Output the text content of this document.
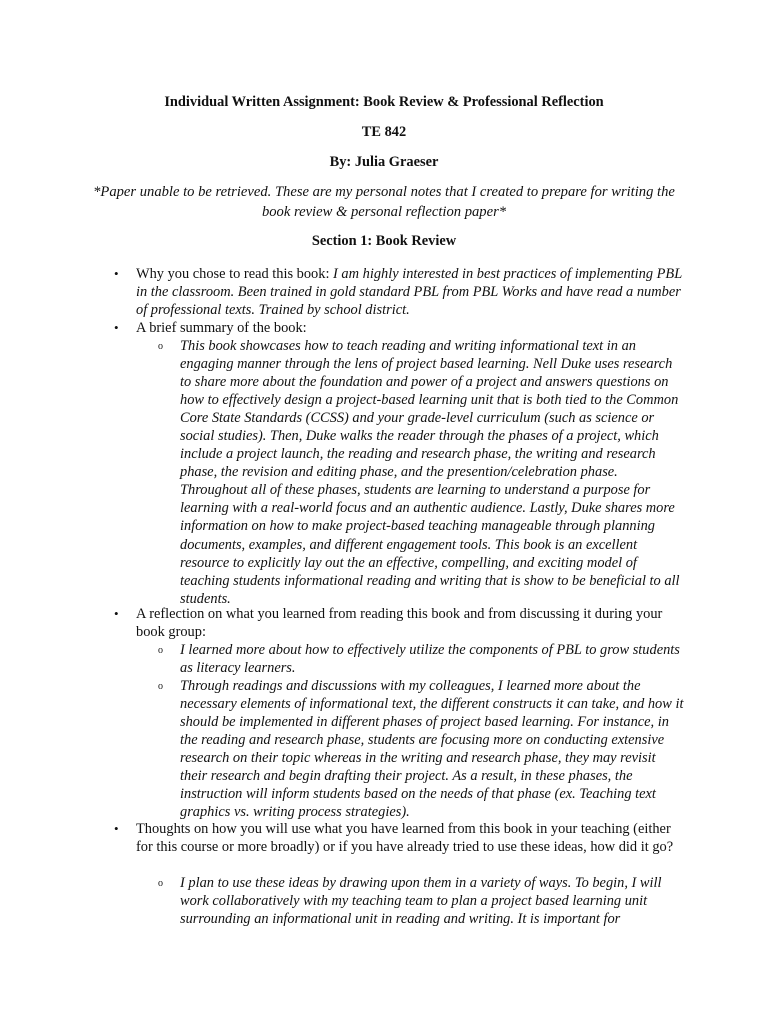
Individual Written Assignment: Book Review & Professional Reflection
TE 842
By: Julia Graeser
*Paper unable to be retrieved. These are my personal notes that I created to prepare for writing the book review & personal reflection paper*
Section 1: Book Review
• Why you chose to read this book: I am highly interested in best practices of implementing PBL in the classroom. Been trained in gold standard PBL from PBL Works and have read a number of professional texts. Trained by school district.
• A brief summary of the book:
o This book showcases how to teach reading and writing informational text in an engaging manner through the lens of project based learning. Nell Duke uses research to share more about the foundation and power of a project and answers questions on how to effectively design a project-based learning unit that is both tied to the Common Core State Standards (CCSS) and your grade-level curriculum (such as science or social studies). Then, Duke walks the reader through the phases of a project, which include a project launch, the reading and research phase, the writing and research phase, the revision and editing phase, and the presention/celebration phase. Throughout all of these phases, students are learning to understand a purpose for learning with a real-world focus and an authentic audience. Lastly, Duke shares more information on how to make project-based teaching manageable through planning documents, examples, and different engagement tools. This book is an excellent resource to explicitly lay out the an effective, compelling, and exciting model of teaching students informational reading and writing that is show to be beneficial to all students.
• A reflection on what you learned from reading this book and from discussing it during your book group:
o I learned more about how to effectively utilize the components of PBL to grow students as literacy learners.
o Through readings and discussions with my colleagues, I learned more about the necessary elements of informational text, the different constructs it can take, and how it should be implemented in different phases of project based learning. For instance, in the reading and research phase, students are focusing more on conducting extensive research on their topic whereas in the writing and research phase, they may revisit their research and begin drafting their project. As a result, in these phases, the instruction will inform students based on the needs of that phase (ex. Teaching text graphics vs. writing process strategies).
• Thoughts on how you will use what you have learned from this book in your teaching (either for this course or more broadly) or if you have already tried to use these ideas, how did it go?
o I plan to use these ideas by drawing upon them in a variety of ways. To begin, I will work collaboratively with my teaching team to plan a project based learning unit surrounding an informational unit in reading and writing. It is important for
